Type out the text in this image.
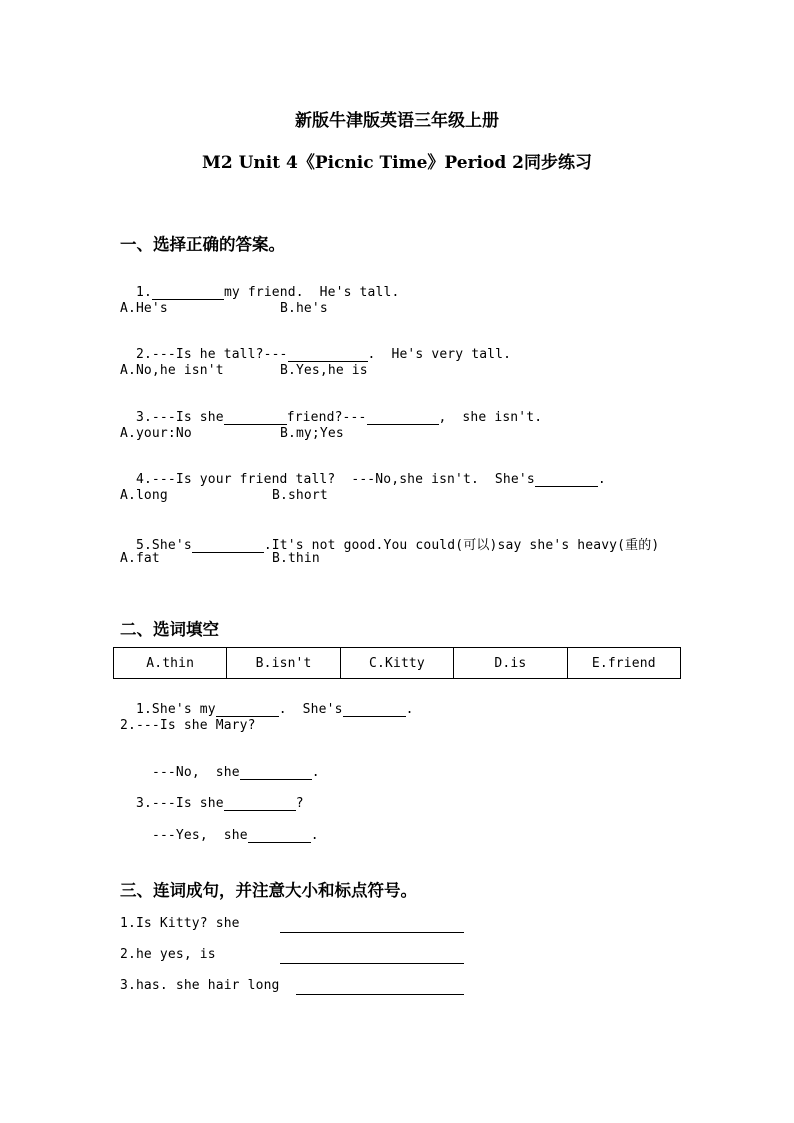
新版牛津版英语三年级上册
M2 Unit 4《Picnic Time》Period 2同步练习
一、选择正确的答案。

1.	my friend.  He's tall.

A.He's	B.he's

2.---Is he tall?---	.  He's very tall.

A.No,he isn't	B.Yes,he is

3.---Is she	friend?---	,  she isn't.

A.your:No	B.my;Yes

4.---Is your friend tall?  ---No,she isn't.  She's	.

A.long	B.short

5.She's	.It's not good.You could(可以)say she's heavy(重的)

A.fat	B.thin
二、选词填空
A.thin	B.isn't	C.Kitty	D.is	E.friend

1.She's my	.  She's	.

2.---Is she Mary?

---No,  she	.

3.---Is she	?

---Yes,  she	.

三、连词成句，并注意大小和标点符号。
1.Is Kitty? she
2.he yes, is
3.has. she hair long
